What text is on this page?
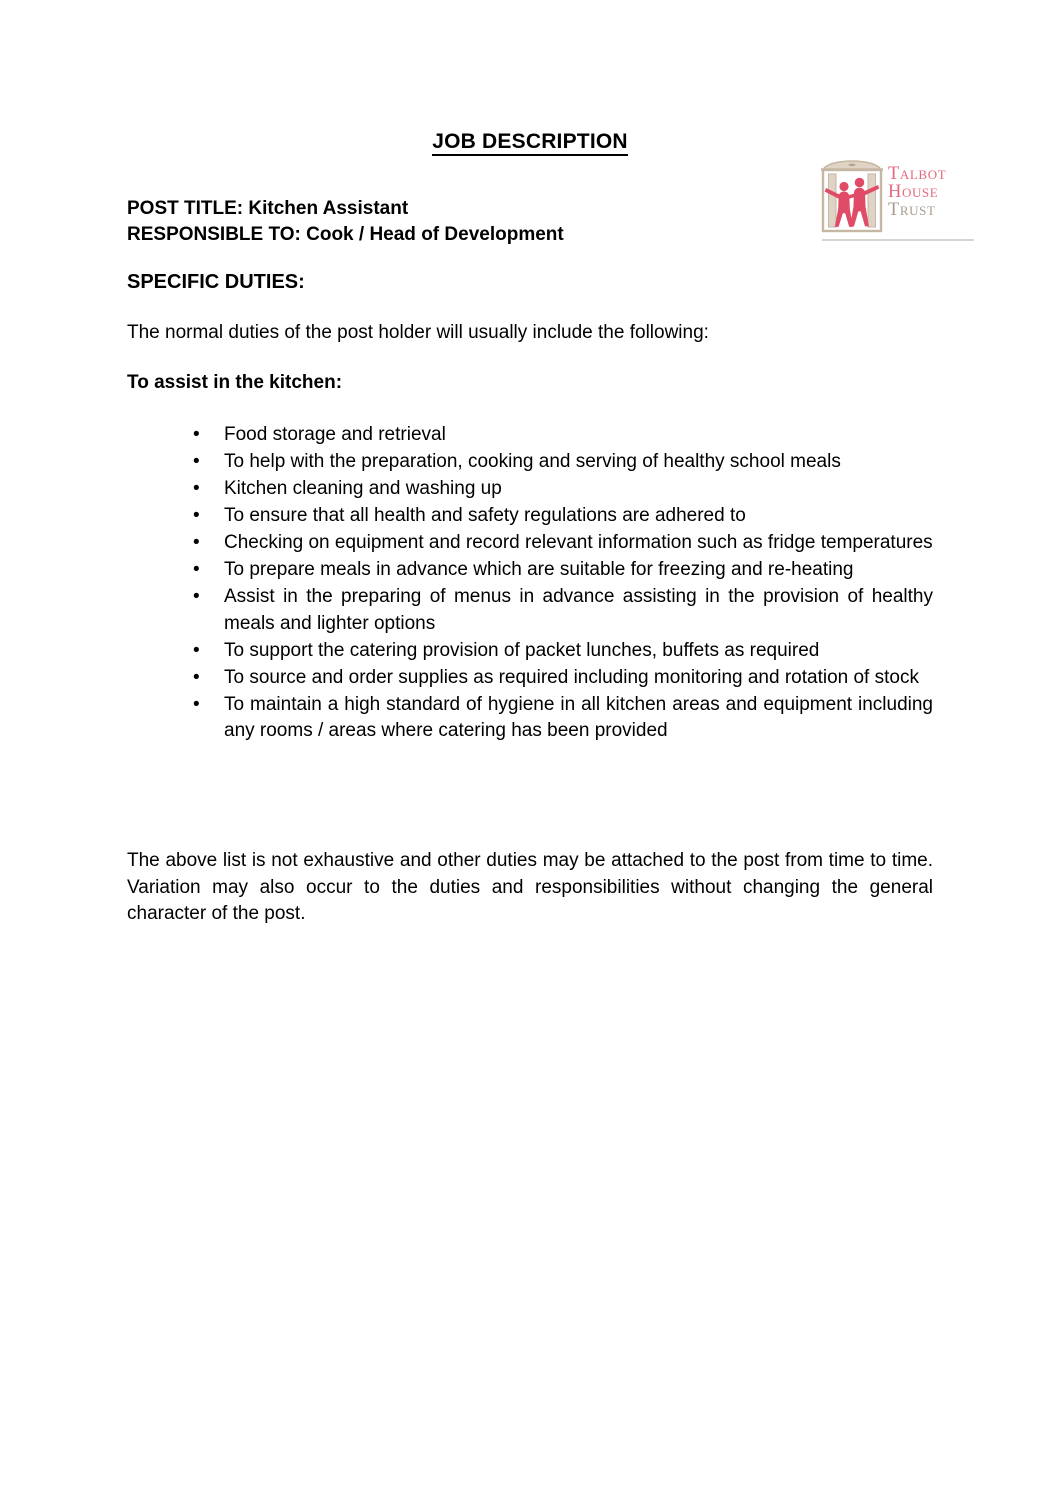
Talbot
House
Trust
JOB DESCRIPTION
POST TITLE: Kitchen Assistant
RESPONSIBLE TO: Cook / Head of Development
SPECIFIC DUTIES:
The normal duties of the post holder will usually include the following:
To assist in the kitchen:
• Food storage and retrieval
• To help with the preparation, cooking and serving of healthy school meals
• Kitchen cleaning and washing up
• To ensure that all health and safety regulations are adhered to
• Checking on equipment and record relevant information such as fridge temperatures
• To prepare meals in advance which are suitable for freezing and re-heating
• Assist in the preparing of menus in advance assisting in the provision of healthy meals and lighter options
• To support the catering provision of packet lunches, buffets as required
• To source and order supplies as required including monitoring and rotation of stock
• To maintain a high standard of hygiene in all kitchen areas and equipment including any rooms / areas where catering has been provided
The above list is not exhaustive and other duties may be attached to the post from time to time. Variation may also occur to the duties and responsibilities without changing the general character of the post.
